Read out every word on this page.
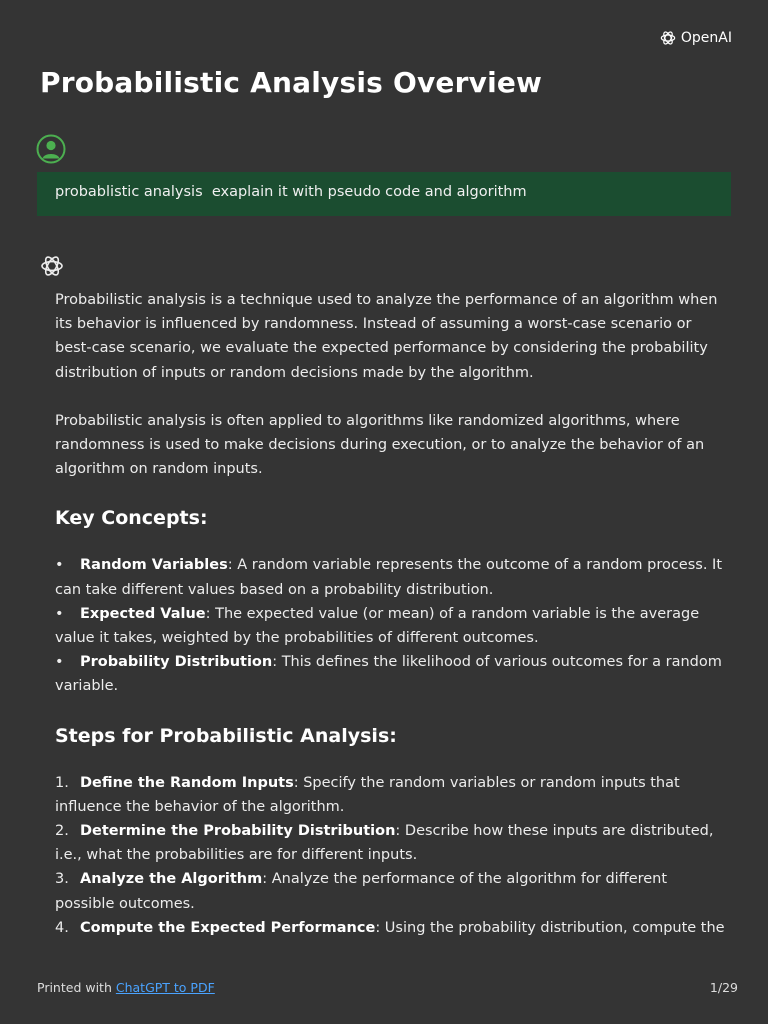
OpenAI
Probabilistic Analysis Overview
probablistic analysis  exaplain it with pseudo code and algorithm

Probabilistic analysis is a technique used to analyze the performance of an algorithm when its behavior is influenced by randomness. Instead of assuming a worst-case scenario or best-case scenario, we evaluate the expected performance by considering the probability distribution of inputs or random decisions made by the algorithm.

Probabilistic analysis is often applied to algorithms like randomized algorithms, where randomness is used to make decisions during execution, or to analyze the behavior of an algorithm on random inputs.

Key Concepts:
• Random Variables: A random variable represents the outcome of a random process. It can take different values based on a probability distribution.
• Expected Value: The expected value (or mean) of a random variable is the average value it takes, weighted by the probabilities of different outcomes.
• Probability Distribution: This defines the likelihood of various outcomes for a random variable.
Steps for Probabilistic Analysis:
1. Define the Random Inputs: Specify the random variables or random inputs that influence the behavior of the algorithm.
2. Determine the Probability Distribution: Describe how these inputs are distributed, i.e., what the probabilities are for different inputs.
3. Analyze the Algorithm: Analyze the performance of the algorithm for different possible outcomes.
4. Compute the Expected Performance: Using the probability distribution, compute the
Printed with ChatGPT to PDF	1/29
